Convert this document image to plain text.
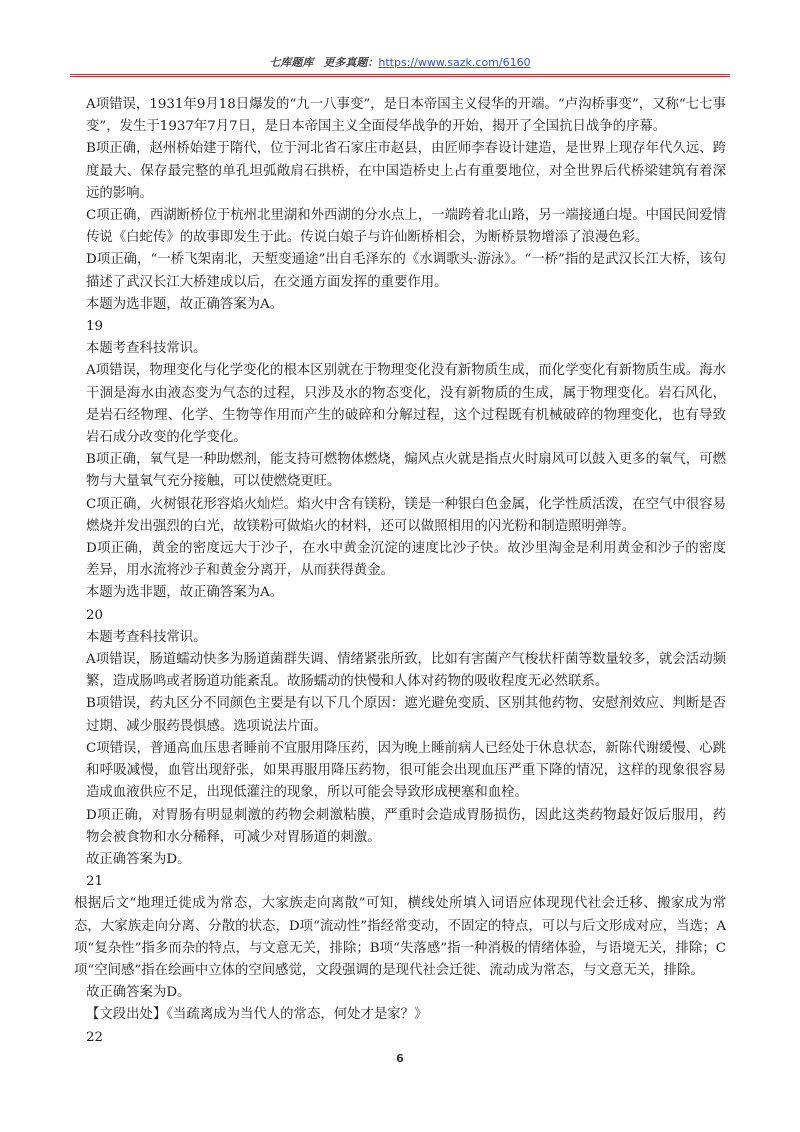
七库题库 更多真题：https://www.sazk.com/6160

A项错误，1931年9月18日爆发的“九一八事变”，是日本帝国主义侵华的开端。“卢沟桥事变”，又称“七七事变”，发生于1937年7月7日，是日本帝国主义全面侵华战争的开始，揭开了全国抗日战争的序幕。

B项正确，赵州桥始建于隋代，位于河北省石家庄市赵县，由匠师李春设计建造，是世界上现存年代久远、跨度最大、保存最完整的单孔坦弧敞肩石拱桥，在中国造桥史上占有重要地位，对全世界后代桥梁建筑有着深远的影响。

C项正确，西湖断桥位于杭州北里湖和外西湖的分水点上，一端跨着北山路，另一端接通白堤。中国民间爱情传说《白蛇传》的故事即发生于此。传说白娘子与许仙断桥相会，为断桥景物增添了浪漫色彩。

D项正确，“一桥飞架南北，天堑变通途”出自毛泽东的《水调歌头·游泳》。“一桥”指的是武汉长江大桥，该句描述了武汉长江大桥建成以后，在交通方面发挥的重要作用。

本题为选非题，故正确答案为A。

19

本题考查科技常识。

A项错误，物理变化与化学变化的根本区别就在于物理变化没有新物质生成，而化学变化有新物质生成。海水干涸是海水由液态变为气态的过程，只涉及水的物态变化，没有新物质的生成，属于物理变化。岩石风化，是岩石经物理、化学、生物等作用而产生的破碎和分解过程，这个过程既有机械破碎的物理变化，也有导致岩石成分改变的化学变化。

B项正确，氧气是一种助燃剂，能支持可燃物体燃烧，煽风点火就是指点火时扇风可以鼓入更多的氧气，可燃物与大量氧气充分接触，可以使燃烧更旺。

C项正确，火树银花形容焰火灿烂。焰火中含有镁粉，镁是一种银白色金属，化学性质活泼，在空气中很容易燃烧并发出强烈的白光，故镁粉可做焰火的材料，还可以做照相用的闪光粉和制造照明弹等。

D项正确，黄金的密度远大于沙子，在水中黄金沉淀的速度比沙子快。故沙里淘金是利用黄金和沙子的密度差异，用水流将沙子和黄金分离开，从而获得黄金。

本题为选非题，故正确答案为A。

20

本题考查科技常识。

A项错误，肠道蠕动快多为肠道菌群失调、情绪紧张所致，比如有害菌产气梭状杆菌等数量较多，就会活动频繁，造成肠鸣或者肠道功能紊乱。故肠蠕动的快慢和人体对药物的吸收程度无必然联系。

B项错误，药丸区分不同颜色主要是有以下几个原因：遮光避免变质、区别其他药物、安慰剂效应、判断是否过期、减少服药畏惧感。选项说法片面。

C项错误，普通高血压患者睡前不宜服用降压药，因为晚上睡前病人已经处于休息状态，新陈代谢缓慢、心跳和呼吸减慢，血管出现舒张，如果再服用降压药物，很可能会出现血压严重下降的情况，这样的现象很容易造成血液供应不足，出现低灌注的现象，所以可能会导致形成梗塞和血栓。

D项正确，对胃肠有明显刺激的药物会刺激粘膜，严重时会造成胃肠损伤，因此这类药物最好饭后服用，药物会被食物和水分稀释，可减少对胃肠道的刺激。

故正确答案为D。

21

根据后文“地理迁徙成为常态，大家族走向离散”可知，横线处所填入词语应体现现代社会迁移、搬家成为常态，大家族走向分离、分散的状态，D项“流动性”指经常变动，不固定的特点，可以与后文形成对应，当选；A项“复杂性”指多而杂的特点，与文意无关，排除；B项“失落感”指一种消极的情绪体验，与语境无关，排除；C项“空间感”指在绘画中立体的空间感觉，文段强调的是现代社会迁徙、流动成为常态，与文意无关，排除。

故正确答案为D。

【文段出处】《当疏离成为当代人的常态，何处才是家？》

22

6
